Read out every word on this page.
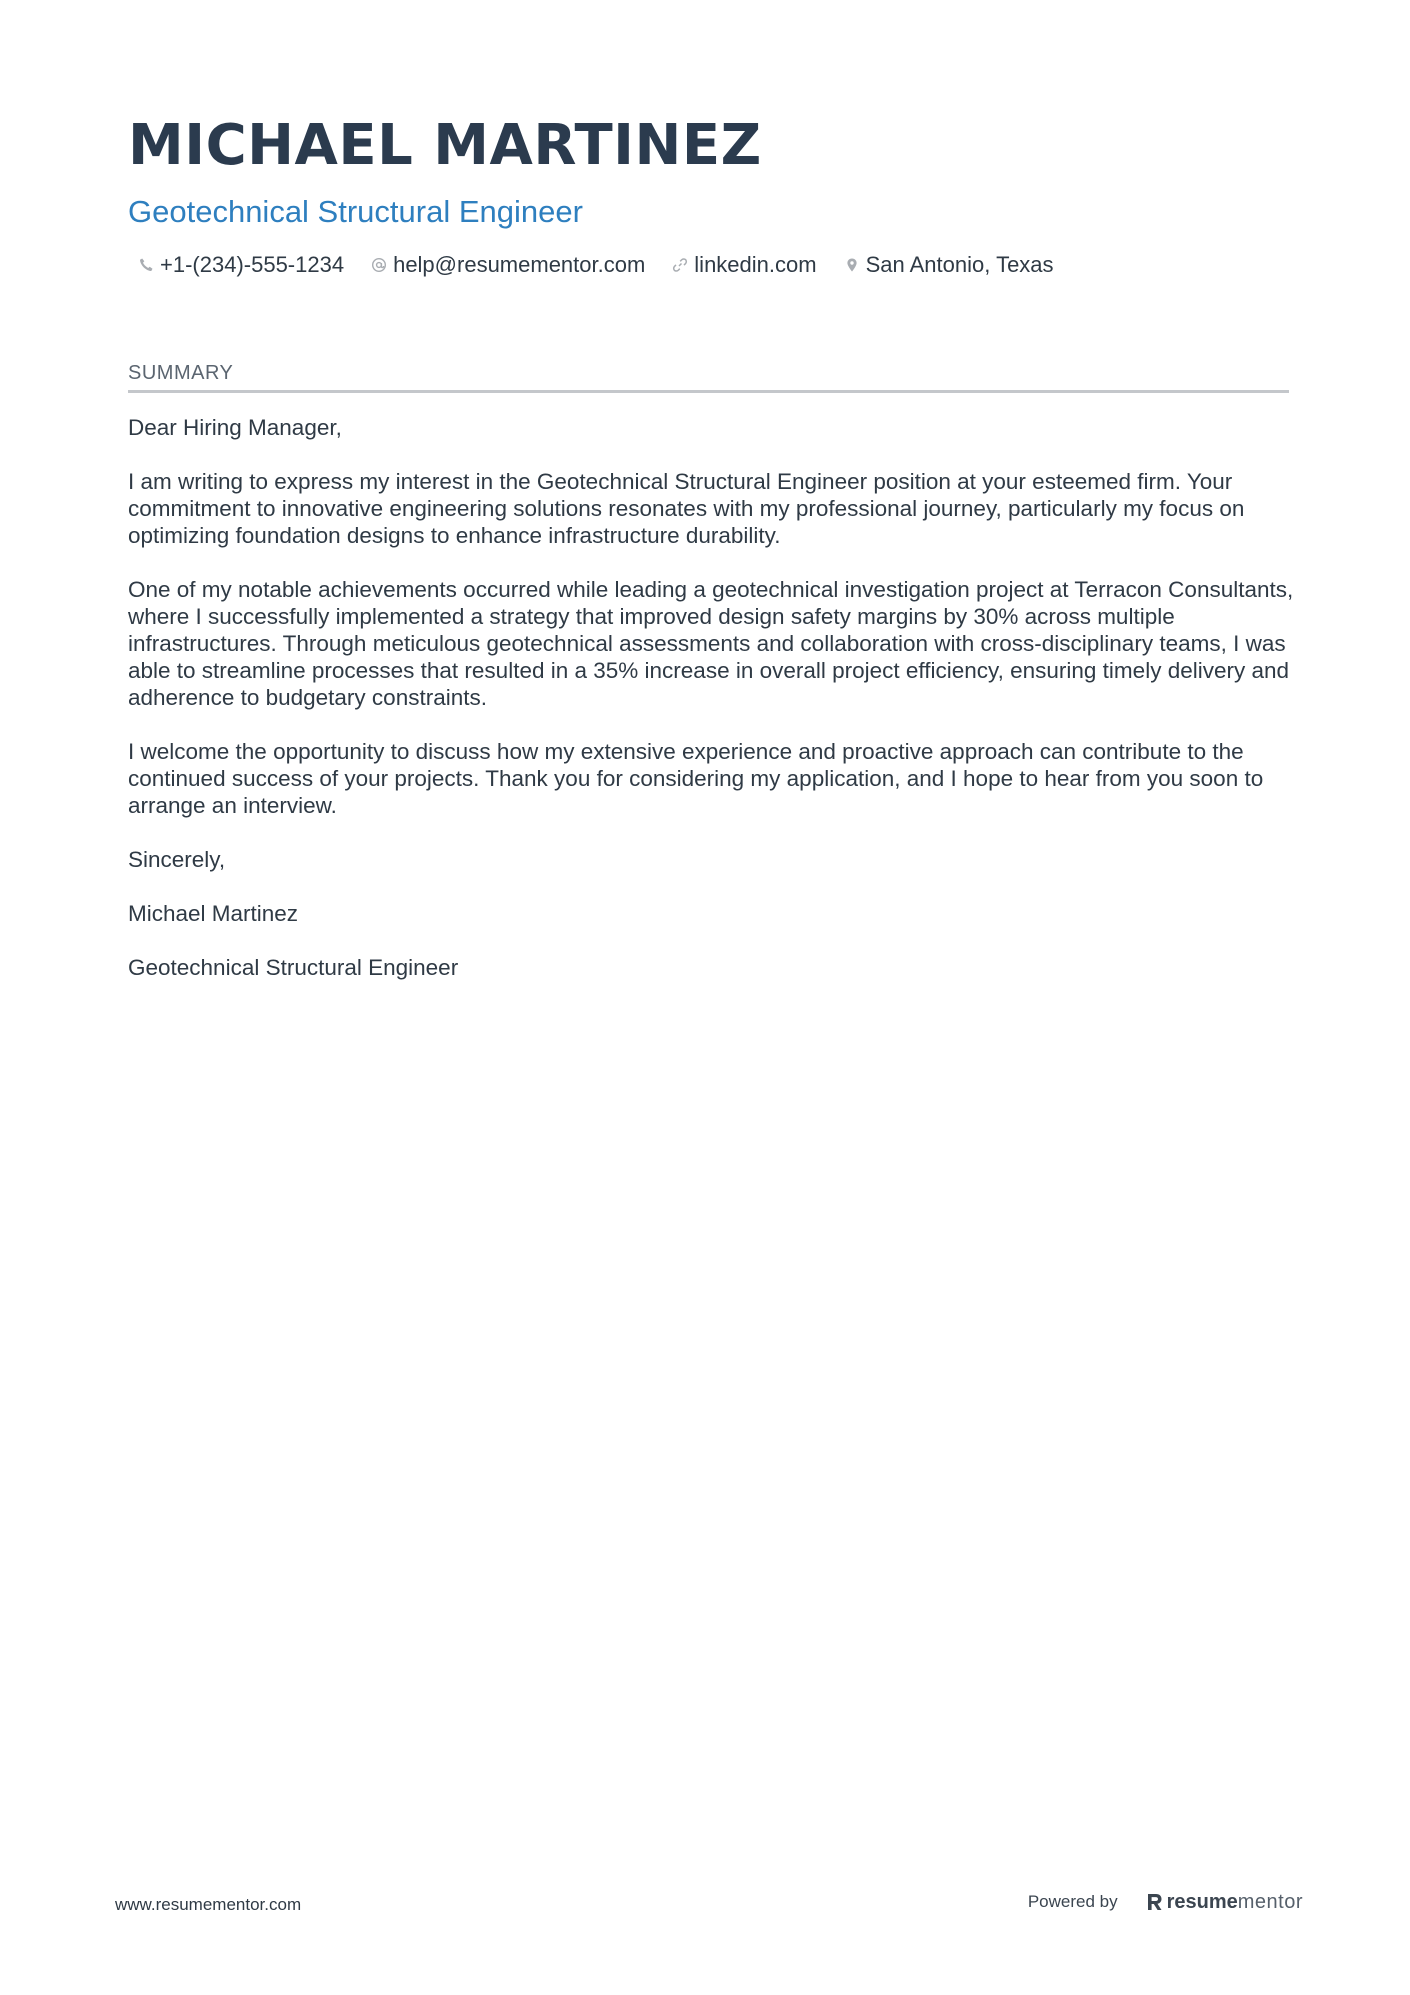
MICHAEL MARTINEZ
Geotechnical Structural Engineer
+1-(234)-555-1234 help@resumementor.com linkedin.com San Antonio, Texas
SUMMARY

Dear Hiring Manager,

I am writing to express my interest in the Geotechnical Structural Engineer position at your esteemed firm. Your commitment to innovative engineering solutions resonates with my professional journey, particularly my focus on optimizing foundation designs to enhance infrastructure durability.

One of my notable achievements occurred while leading a geotechnical investigation project at Terracon Consultants, where I successfully implemented a strategy that improved design safety margins by 30% across multiple infrastructures. Through meticulous geotechnical assessments and collaboration with cross-disciplinary teams, I was able to streamline processes that resulted in a 35% increase in overall project efficiency, ensuring timely delivery and adherence to budgetary constraints.

I welcome the opportunity to discuss how my extensive experience and proactive approach can contribute to the continued success of your projects. Thank you for considering my application, and I hope to hear from you soon to arrange an interview.

Sincerely,

Michael Martinez

Geotechnical Structural Engineer

www.resumementor.com	Powered by resume mentor
